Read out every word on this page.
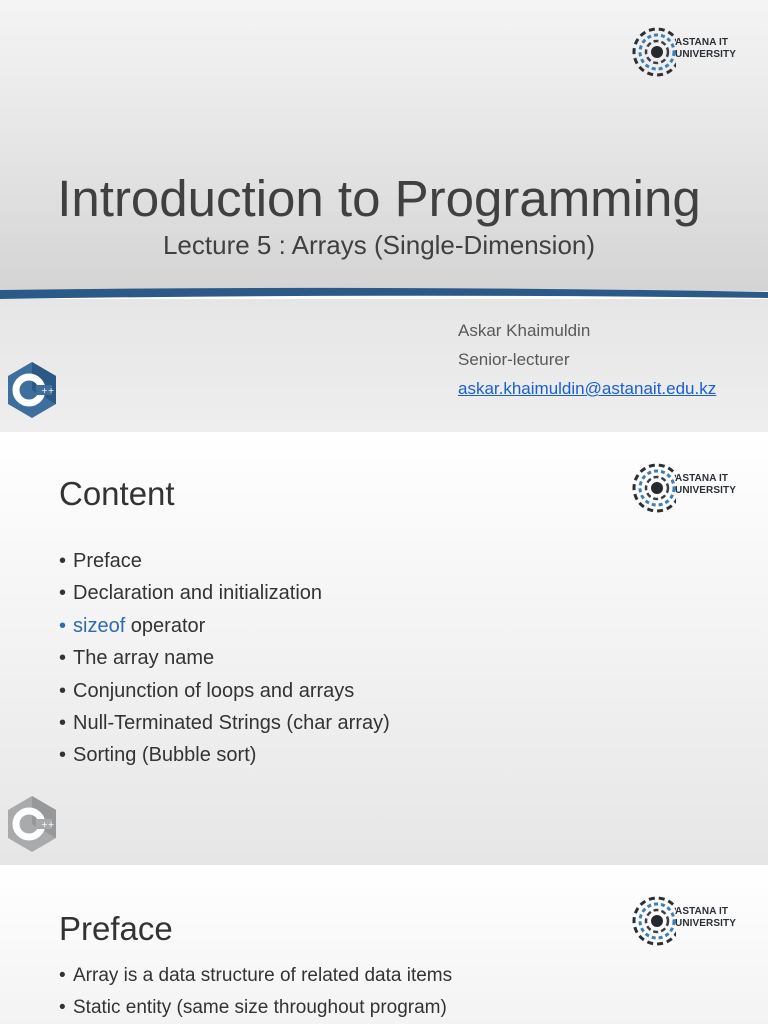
ASTANA IT
UNIVERSITY
Introduction to Programming
Lecture 5 : Arrays (Single-Dimension)
Askar Khaimuldin
Senior-lecturer
askar.khaimuldin@astanait.edu.kz
++
ASTANA IT
UNIVERSITY
Content
• Preface
• Declaration and initialization
• sizeof operator
• The array name
• Conjunction of loops and arrays
• Null-Terminated Strings (char array)
• Sorting (Bubble sort)
++
ASTANA IT
UNIVERSITY
Preface
• Array is a data structure of related data items
• Static entity (same size throughout program)
